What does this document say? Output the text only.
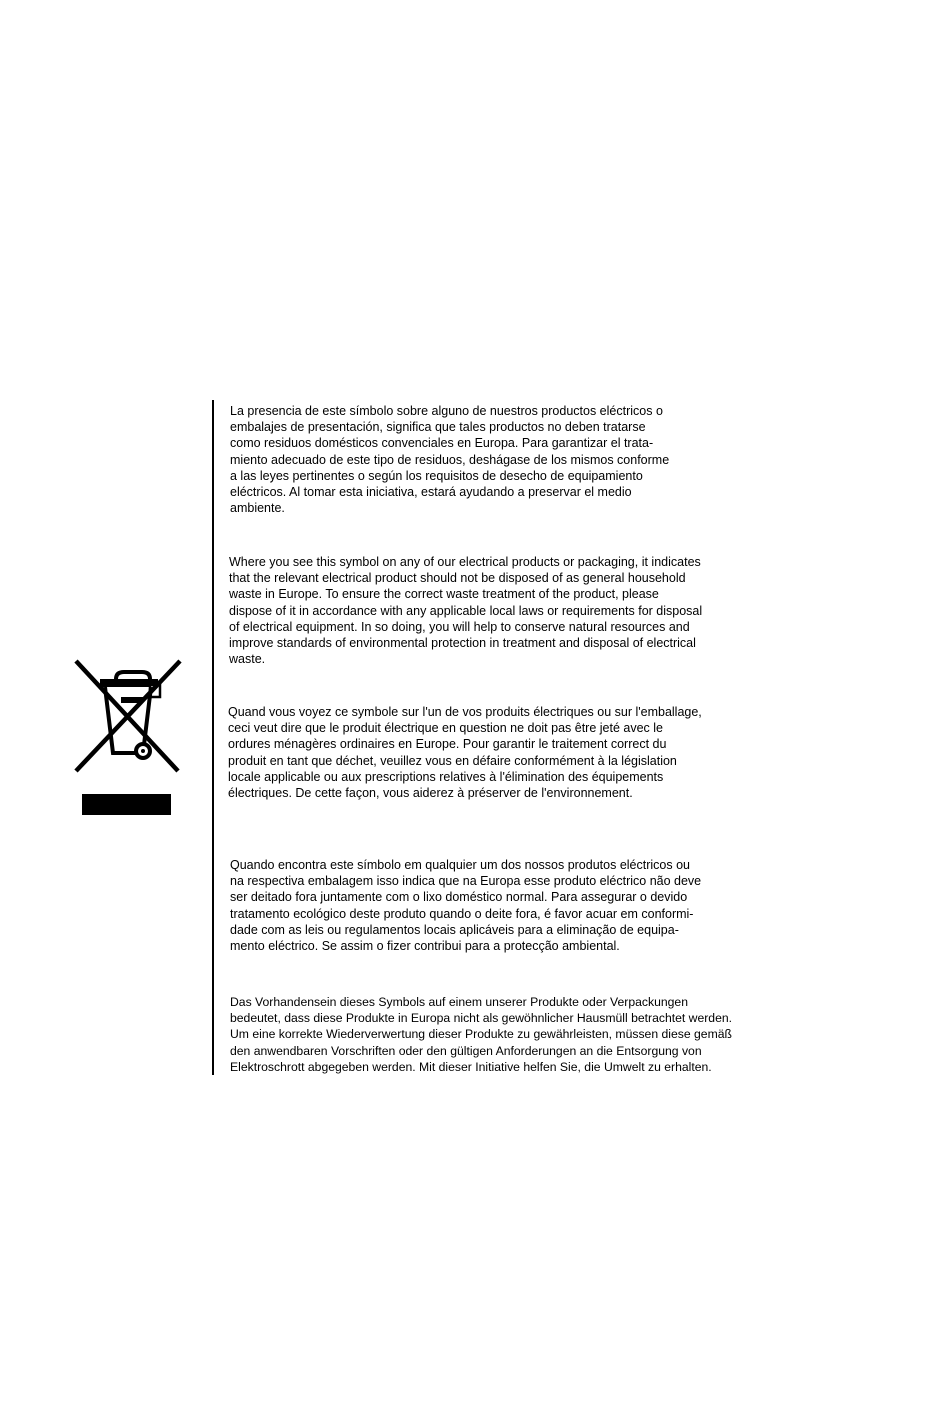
La presencia de este símbolo sobre alguno de nuestros productos eléctricos o
embalajes de presentación, significa que tales productos no deben tratarse
como residuos domésticos convenciales en Europa. Para garantizar el trata-
miento adecuado de este tipo de residuos, deshágase de los mismos conforme
a las leyes pertinentes o según los requisitos de desecho de equipamiento
eléctricos. Al tomar esta iniciativa, estará ayudando a preservar el medio
ambiente.

Where you see this symbol on any of our electrical products or packaging, it indicates
that the relevant electrical product should not be disposed of as general household
waste in Europe. To ensure the correct waste treatment of the product, please
dispose of it in accordance with any applicable local laws or requirements for disposal
of electrical equipment. In so doing, you will help to conserve natural resources and
improve standards of environmental protection in treatment and disposal of electrical
waste.

Quand vous voyez ce symbole sur l'un de vos produits électriques ou sur l'emballage,
ceci veut dire que le produit électrique en question ne doit pas être jeté avec le
ordures ménagères ordinaires en Europe. Pour garantir le traitement correct du
produit en tant que déchet, veuillez vous en défaire conformément à la législation
locale applicable ou aux prescriptions relatives à l'élimination des équipements
électriques. De cette façon, vous aiderez à préserver de l'environnement.

Quando encontra este símbolo em qualquier um dos nossos produtos eléctricos ou
na respectiva embalagem isso indica que na Europa esse produto eléctrico não deve
ser deitado fora juntamente com o lixo doméstico normal. Para assegurar o devido
tratamento ecológico deste produto quando o deite fora, é favor acuar em conformi-
dade com as leis ou regulamentos locais aplicáveis para a eliminação de equipa-
mento eléctrico. Se assim o fizer contribui para a protecção ambiental.

Das Vorhandensein dieses Symbols auf einem unserer Produkte oder Verpackungen
bedeutet, dass diese Produkte in Europa nicht als gewöhnlicher Hausmüll betrachtet werden.
Um eine korrekte Wiederverwertung dieser Produkte zu gewährleisten, müssen diese gemäß
den anwendbaren Vorschriften oder den gültigen Anforderungen an die Entsorgung von
Elektroschrott abgegeben werden. Mit dieser Initiative helfen Sie, die Umwelt zu erhalten.
